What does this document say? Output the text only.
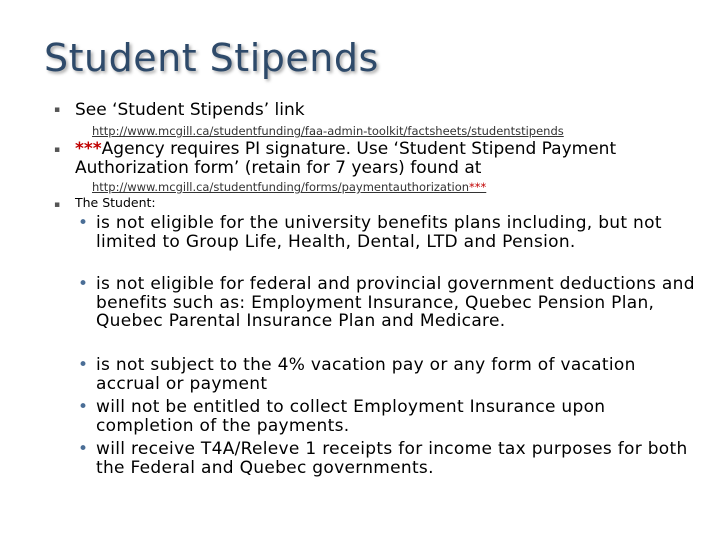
Student Stipends
▪ See ‘Student Stipends’ link
http://www.mcgill.ca/studentfunding/faa-admin-toolkit/factsheets/studentstipends
▪ ***Agency requires PI signature. Use ‘Student Stipend Payment Authorization form’ (retain for 7 years) found at
http://www.mcgill.ca/studentfunding/forms/paymentauthorization***
▪ The Student:
• is not eligible for the university benefits plans including, but not limited to Group Life, Health, Dental, LTD and Pension.
• is not eligible for federal and provincial government deductions and benefits such as: Employment Insurance, Quebec Pension Plan, Quebec Parental Insurance Plan and Medicare.
• is not subject to the 4% vacation pay or any form of vacation accrual or payment
• will not be entitled to collect Employment Insurance upon completion of the payments.
• will receive T4A/Releve 1 receipts for income tax purposes for both the Federal and Quebec governments.
